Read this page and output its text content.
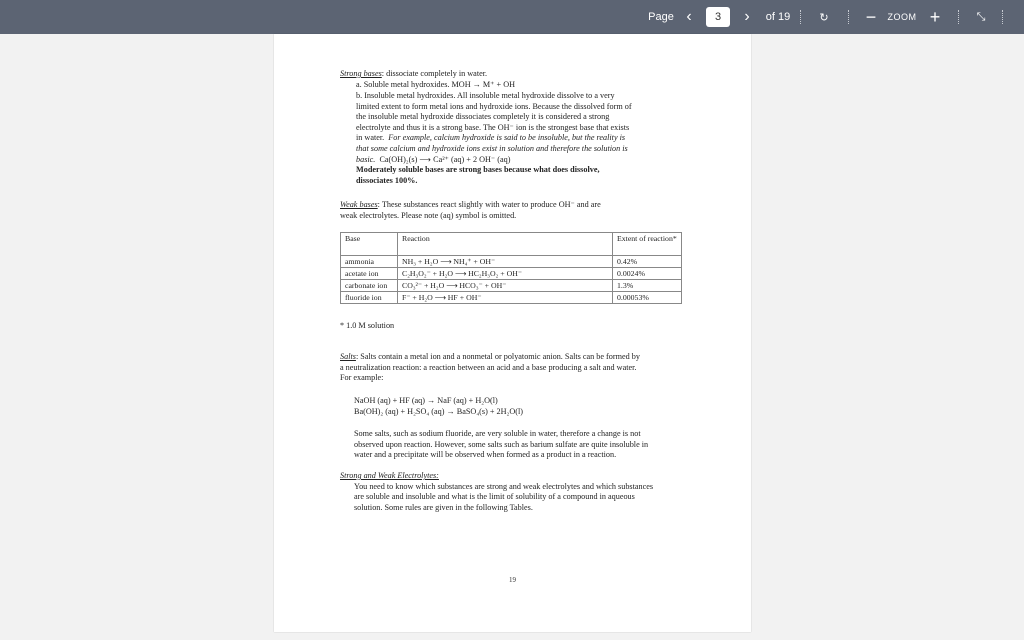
Page ‹	3	›	of 19	↻ −	ZOOM +	⤡
Strong bases: dissociate completely in water.
a. Soluble metal hydroxides. MOH → M⁺ + OH
b. Insoluble metal hydroxides. All insoluble metal hydroxide dissolve to a very
limited extent to form metal ions and hydroxide ions. Because the dissolved form of
the insoluble metal hydroxide dissociates completely it is considered a strong
electrolyte and thus it is a strong base. The OH⁻ ion is the strongest base that exists
in water. For example, calcium hydroxide is said to be insoluble, but the reality is
that some calcium and hydroxide ions exist in solution and therefore the solution is
basic. Ca(OH)₂(s) ⟶ Ca²⁺ (aq) + 2 OH⁻ (aq)
Moderately soluble bases are strong bases because what does dissolve,
dissociates 100%.
Weak bases: These substances react slightly with water to produce OH⁻ and are
weak electrolytes. Please note (aq) symbol is omitted.
Base	Reaction	Extent of reaction*
ammonia	NH₃ + H₂O ⟶ NH₄⁺ + OH⁻	0.42%
acetate ion	C₂H₃O₂⁻ + H₂O ⟶ HC₂H₃O₂ + OH⁻	0.0024%
carbonate ion	CO₃²⁻ + H₂O ⟶ HCO₃⁻ + OH⁻	1.3%
fluoride ion	F⁻ + H₂O ⟶ HF + OH⁻	0.00053%
* 1.0 M solution
Salts: Salts contain a metal ion and a nonmetal or polyatomic anion. Salts can be formed by
a neutralization reaction: a reaction between an acid and a base producing a salt and water.
For example:
NaOH (aq) + HF (aq) → NaF (aq) + H₂O(l)
Ba(OH)₂ (aq) + H₂SO₄ (aq) → BaSO₄(s) + 2H₂O(l)
Some salts, such as sodium fluoride, are very soluble in water, therefore a change is not
observed upon reaction. However, some salts such as barium sulfate are quite insoluble in
water and a precipitate will be observed when formed as a product in a reaction.
Strong and Weak Electrolytes:
You need to know which substances are strong and weak electrolytes and which substances
are soluble and insoluble and what is the limit of solubility of a compound in aqueous
solution. Some rules are given in the following Tables.
19
